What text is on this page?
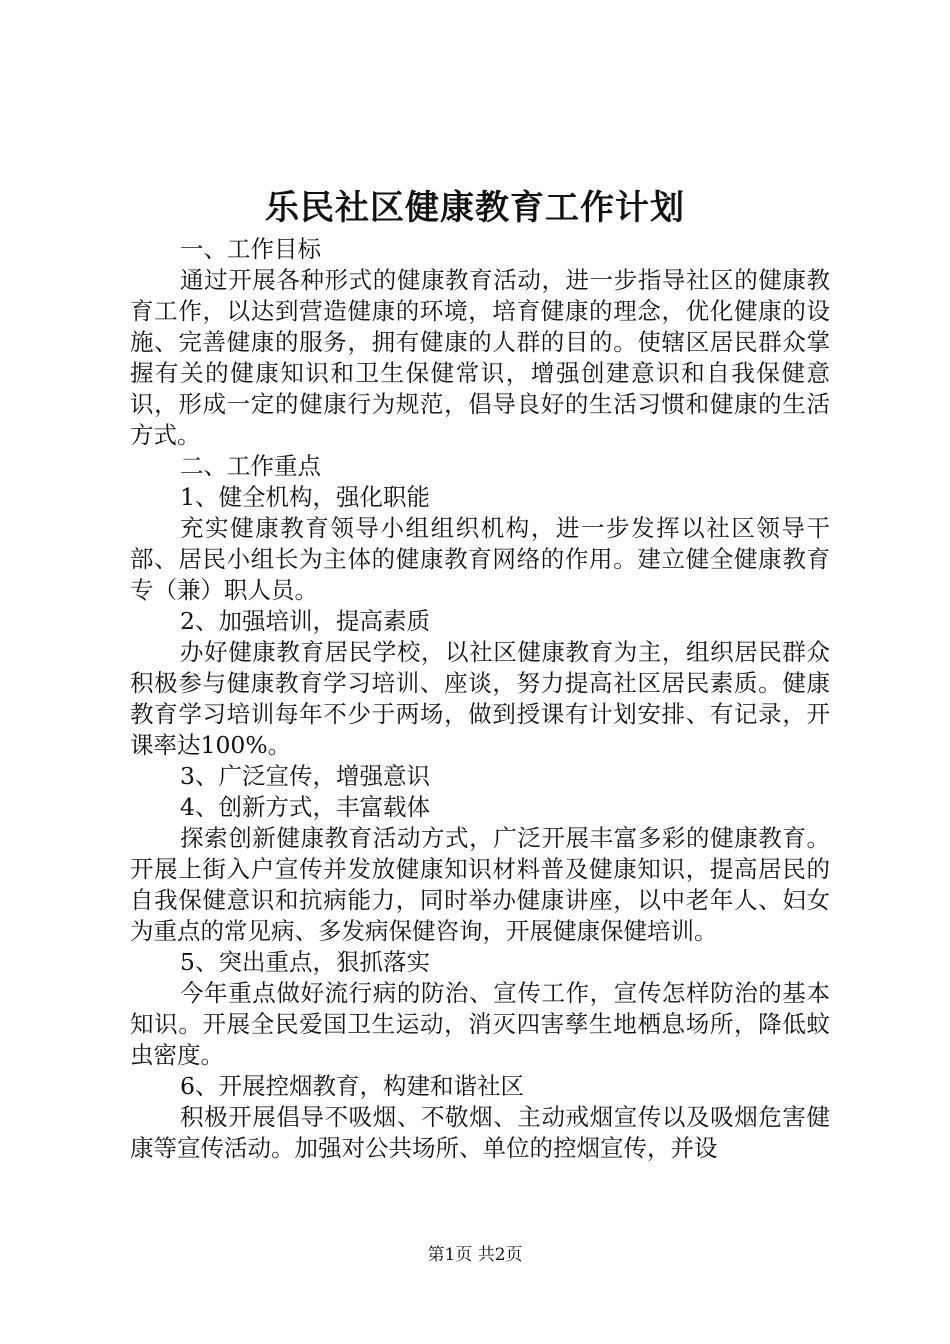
乐民社区健康教育工作计划

一、工作目标

通过开展各种形式的健康教育活动，进一步指导社区的健康教育工作，以达到营造健康的环境，培育健康的理念，优化健康的设施、完善健康的服务，拥有健康的人群的目的。使辖区居民群众掌握有关的健康知识和卫生保健常识，增强创建意识和自我保健意识，形成一定的健康行为规范，倡导良好的生活习惯和健康的生活方式。

二、工作重点

1、健全机构，强化职能

充实健康教育领导小组组织机构，进一步发挥以社区领导干部、居民小组长为主体的健康教育网络的作用。建立健全健康教育专（兼）职人员。

2、加强培训，提高素质

办好健康教育居民学校，以社区健康教育为主，组织居民群众积极参与健康教育学习培训、座谈，努力提高社区居民素质。健康教育学习培训每年不少于两场，做到授课有计划安排、有记录，开课率达100%。

3、广泛宣传，增强意识

4、创新方式，丰富载体

探索创新健康教育活动方式，广泛开展丰富多彩的健康教育。开展上街入户宣传并发放健康知识材料普及健康知识，提高居民的自我保健意识和抗病能力，同时举办健康讲座，以中老年人、妇女为重点的常见病、多发病保健咨询，开展健康保健培训。

5、突出重点，狠抓落实

今年重点做好流行病的防治、宣传工作，宣传怎样防治的基本知识。开展全民爱国卫生运动，消灭四害孳生地栖息场所，降低蚊虫密度。

6、开展控烟教育，构建和谐社区

积极开展倡导不吸烟、不敬烟、主动戒烟宣传以及吸烟危害健康等宣传活动。加强对公共场所、单位的控烟宣传，并设

第1页 共2页
